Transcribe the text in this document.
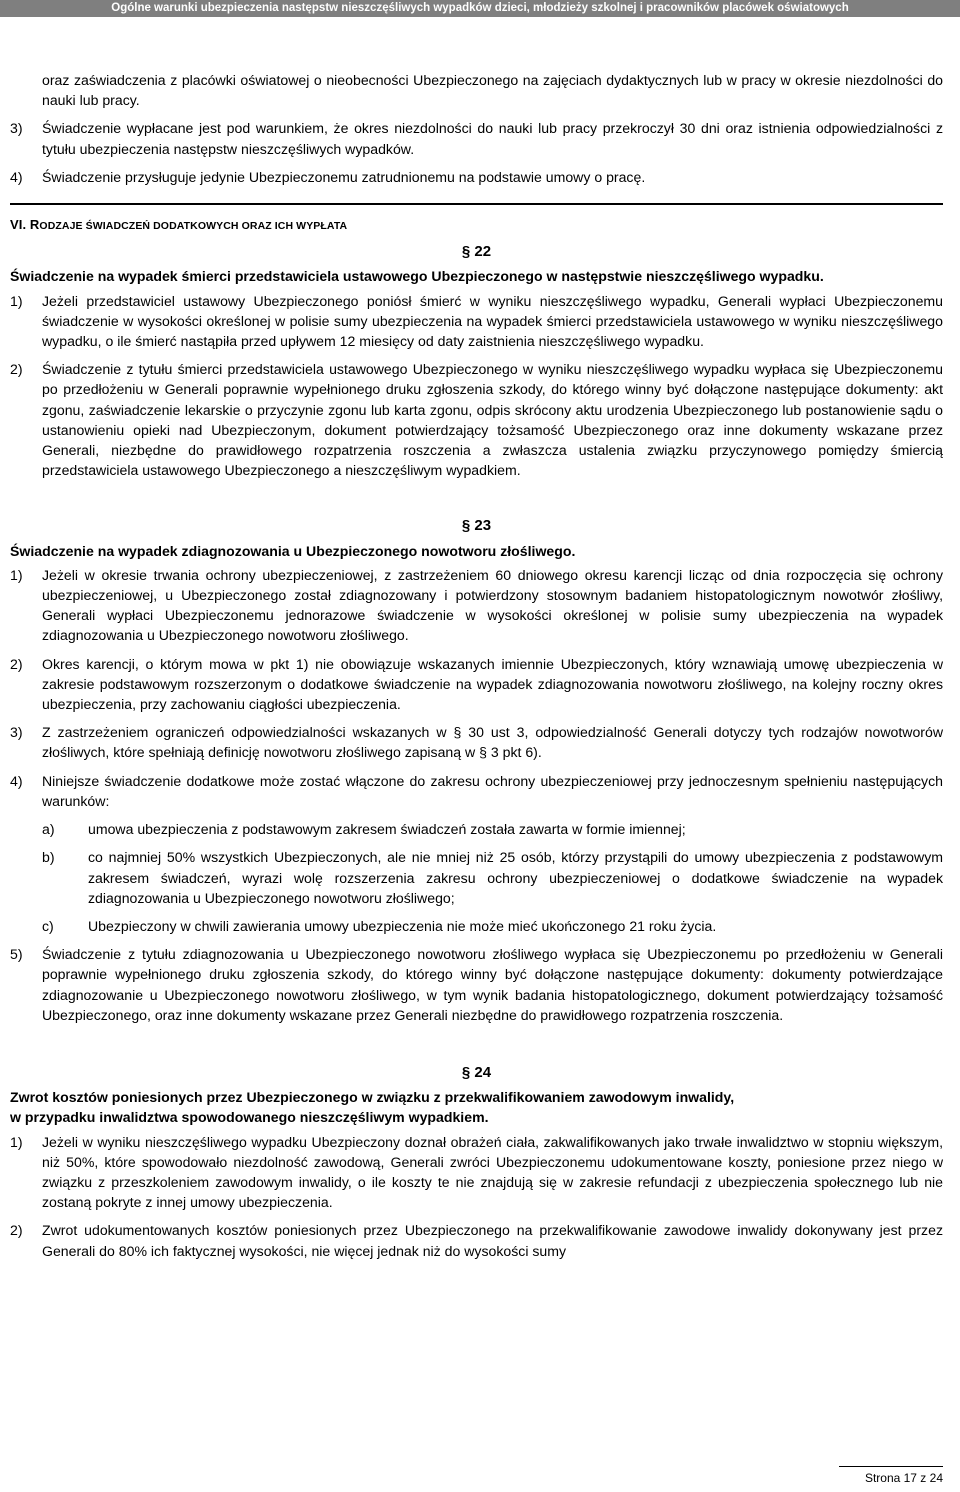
Ogólne warunki ubezpieczenia następstw nieszczęśliwych wypadków dzieci, młodzieży szkolnej i pracowników placówek oświatowych
oraz zaświadczenia z placówki oświatowej o nieobecności Ubezpieczonego na zajęciach dydaktycznych lub w pracy w okresie niezdolności do nauki lub pracy.
3)	Świadczenie wypłacane jest pod warunkiem, że okres niezdolności do nauki lub pracy przekroczył 30 dni oraz istnienia odpowiedzialności z tytułu ubezpieczenia następstw nieszczęśliwych wypadków.
4)	Świadczenie przysługuje jedynie Ubezpieczonemu zatrudnionemu na podstawie umowy o pracę.
VI. RODZAJE ŚWIADCZEŃ DODATKOWYCH ORAZ ICH WYPŁATA
§ 22
Świadczenie na wypadek śmierci przedstawiciela ustawowego Ubezpieczonego w następstwie nieszczęśliwego wypadku.
1)	Jeżeli przedstawiciel ustawowy Ubezpieczonego poniósł śmierć w wyniku nieszczęśliwego wypadku, Generali wypłaci Ubezpieczonemu świadczenie w wysokości określonej w polisie sumy ubezpieczenia na wypadek śmierci przedstawiciela ustawowego w wyniku nieszczęśliwego wypadku, o ile śmierć nastąpiła przed upływem 12 miesięcy od daty zaistnienia nieszczęśliwego wypadku.
2)	Świadczenie z tytułu śmierci przedstawiciela ustawowego Ubezpieczonego w wyniku nieszczęśliwego wypadku wypłaca się Ubezpieczonemu po przedłożeniu w Generali poprawnie wypełnionego druku zgłoszenia szkody, do którego winny być dołączone następujące dokumenty: akt zgonu, zaświadczenie lekarskie o przyczynie zgonu lub karta zgonu, odpis skrócony aktu urodzenia Ubezpieczonego lub postanowienie sądu o ustanowieniu opieki nad Ubezpieczonym, dokument potwierdzający tożsamość Ubezpieczonego oraz inne dokumenty wskazane przez Generali, niezbędne do prawidłowego rozpatrzenia roszczenia a zwłaszcza ustalenia związku przyczynowego pomiędzy śmiercią przedstawiciela ustawowego Ubezpieczonego a nieszczęśliwym wypadkiem.
§ 23
Świadczenie na wypadek zdiagnozowania u Ubezpieczonego nowotworu złośliwego.
1)	Jeżeli w okresie trwania ochrony ubezpieczeniowej, z zastrzeżeniem 60 dniowego okresu karencji licząc od dnia rozpoczęcia się ochrony ubezpieczeniowej, u Ubezpieczonego został zdiagnozowany i potwierdzony stosownym badaniem histopatologicznym nowotwór złośliwy, Generali wypłaci Ubezpieczonemu jednorazowe świadczenie w wysokości określonej w polisie sumy ubezpieczenia na wypadek zdiagnozowania u Ubezpieczonego nowotworu złośliwego.
2)	Okres karencji, o którym mowa w pkt 1) nie obowiązuje wskazanych imiennie Ubezpieczonych, który wznawiają umowę ubezpieczenia w zakresie podstawowym rozszerzonym o dodatkowe świadczenie na wypadek zdiagnozowania nowotworu złośliwego, na kolejny roczny okres ubezpieczenia, przy zachowaniu ciągłości ubezpieczenia.
3)	Z zastrzeżeniem ograniczeń odpowiedzialności wskazanych w § 30 ust 3, odpowiedzialność Generali dotyczy tych rodzajów nowotworów złośliwych, które spełniają definicję nowotworu złośliwego zapisaną w § 3 pkt 6).
4)	Niniejsze świadczenie dodatkowe może zostać włączone do zakresu ochrony ubezpieczeniowej przy jednoczesnym spełnieniu następujących warunków:
a)	umowa ubezpieczenia z podstawowym zakresem świadczeń została zawarta w formie imiennej;
b)	co najmniej 50% wszystkich Ubezpieczonych, ale nie mniej niż 25 osób, którzy przystąpili do umowy ubezpieczenia z podstawowym zakresem świadczeń, wyrazi wolę rozszerzenia zakresu ochrony ubezpieczeniowej o dodatkowe świadczenie na wypadek zdiagnozowania u Ubezpieczonego nowotworu złośliwego;
c)	Ubezpieczony w chwili zawierania umowy ubezpieczenia nie może mieć ukończonego 21 roku życia.
5)	Świadczenie z tytułu zdiagnozowania u Ubezpieczonego nowotworu złośliwego wypłaca się Ubezpieczonemu po przedłożeniu w Generali poprawnie wypełnionego druku zgłoszenia szkody, do którego winny być dołączone następujące dokumenty: dokumenty potwierdzające zdiagnozowanie u Ubezpieczonego nowotworu złośliwego, w tym wynik badania histopatologicznego, dokument potwierdzający tożsamość Ubezpieczonego, oraz inne dokumenty wskazane przez Generali niezbędne do prawidłowego rozpatrzenia roszczenia.
§ 24
Zwrot kosztów poniesionych przez Ubezpieczonego w związku z przekwalifikowaniem zawodowym inwalidy,
w przypadku inwalidztwa spowodowanego nieszczęśliwym wypadkiem.
1)	Jeżeli w wyniku nieszczęśliwego wypadku Ubezpieczony doznał obrażeń ciała, zakwalifikowanych jako trwałe inwalidztwo w stopniu większym, niż 50%, które spowodowało niezdolność zawodową, Generali zwróci Ubezpieczonemu udokumentowane koszty, poniesione przez niego w związku z przeszkoleniem zawodowym inwalidy, o ile koszty te nie znajdują się w zakresie refundacji z ubezpieczenia społecznego lub nie zostaną pokryte z innej umowy ubezpieczenia.
2)	Zwrot udokumentowanych kosztów poniesionych przez Ubezpieczonego na przekwalifikowanie zawodowe inwalidy dokonywany jest przez Generali do 80% ich faktycznej wysokości, nie więcej jednak niż do wysokości sumy
Strona 17 z 24
